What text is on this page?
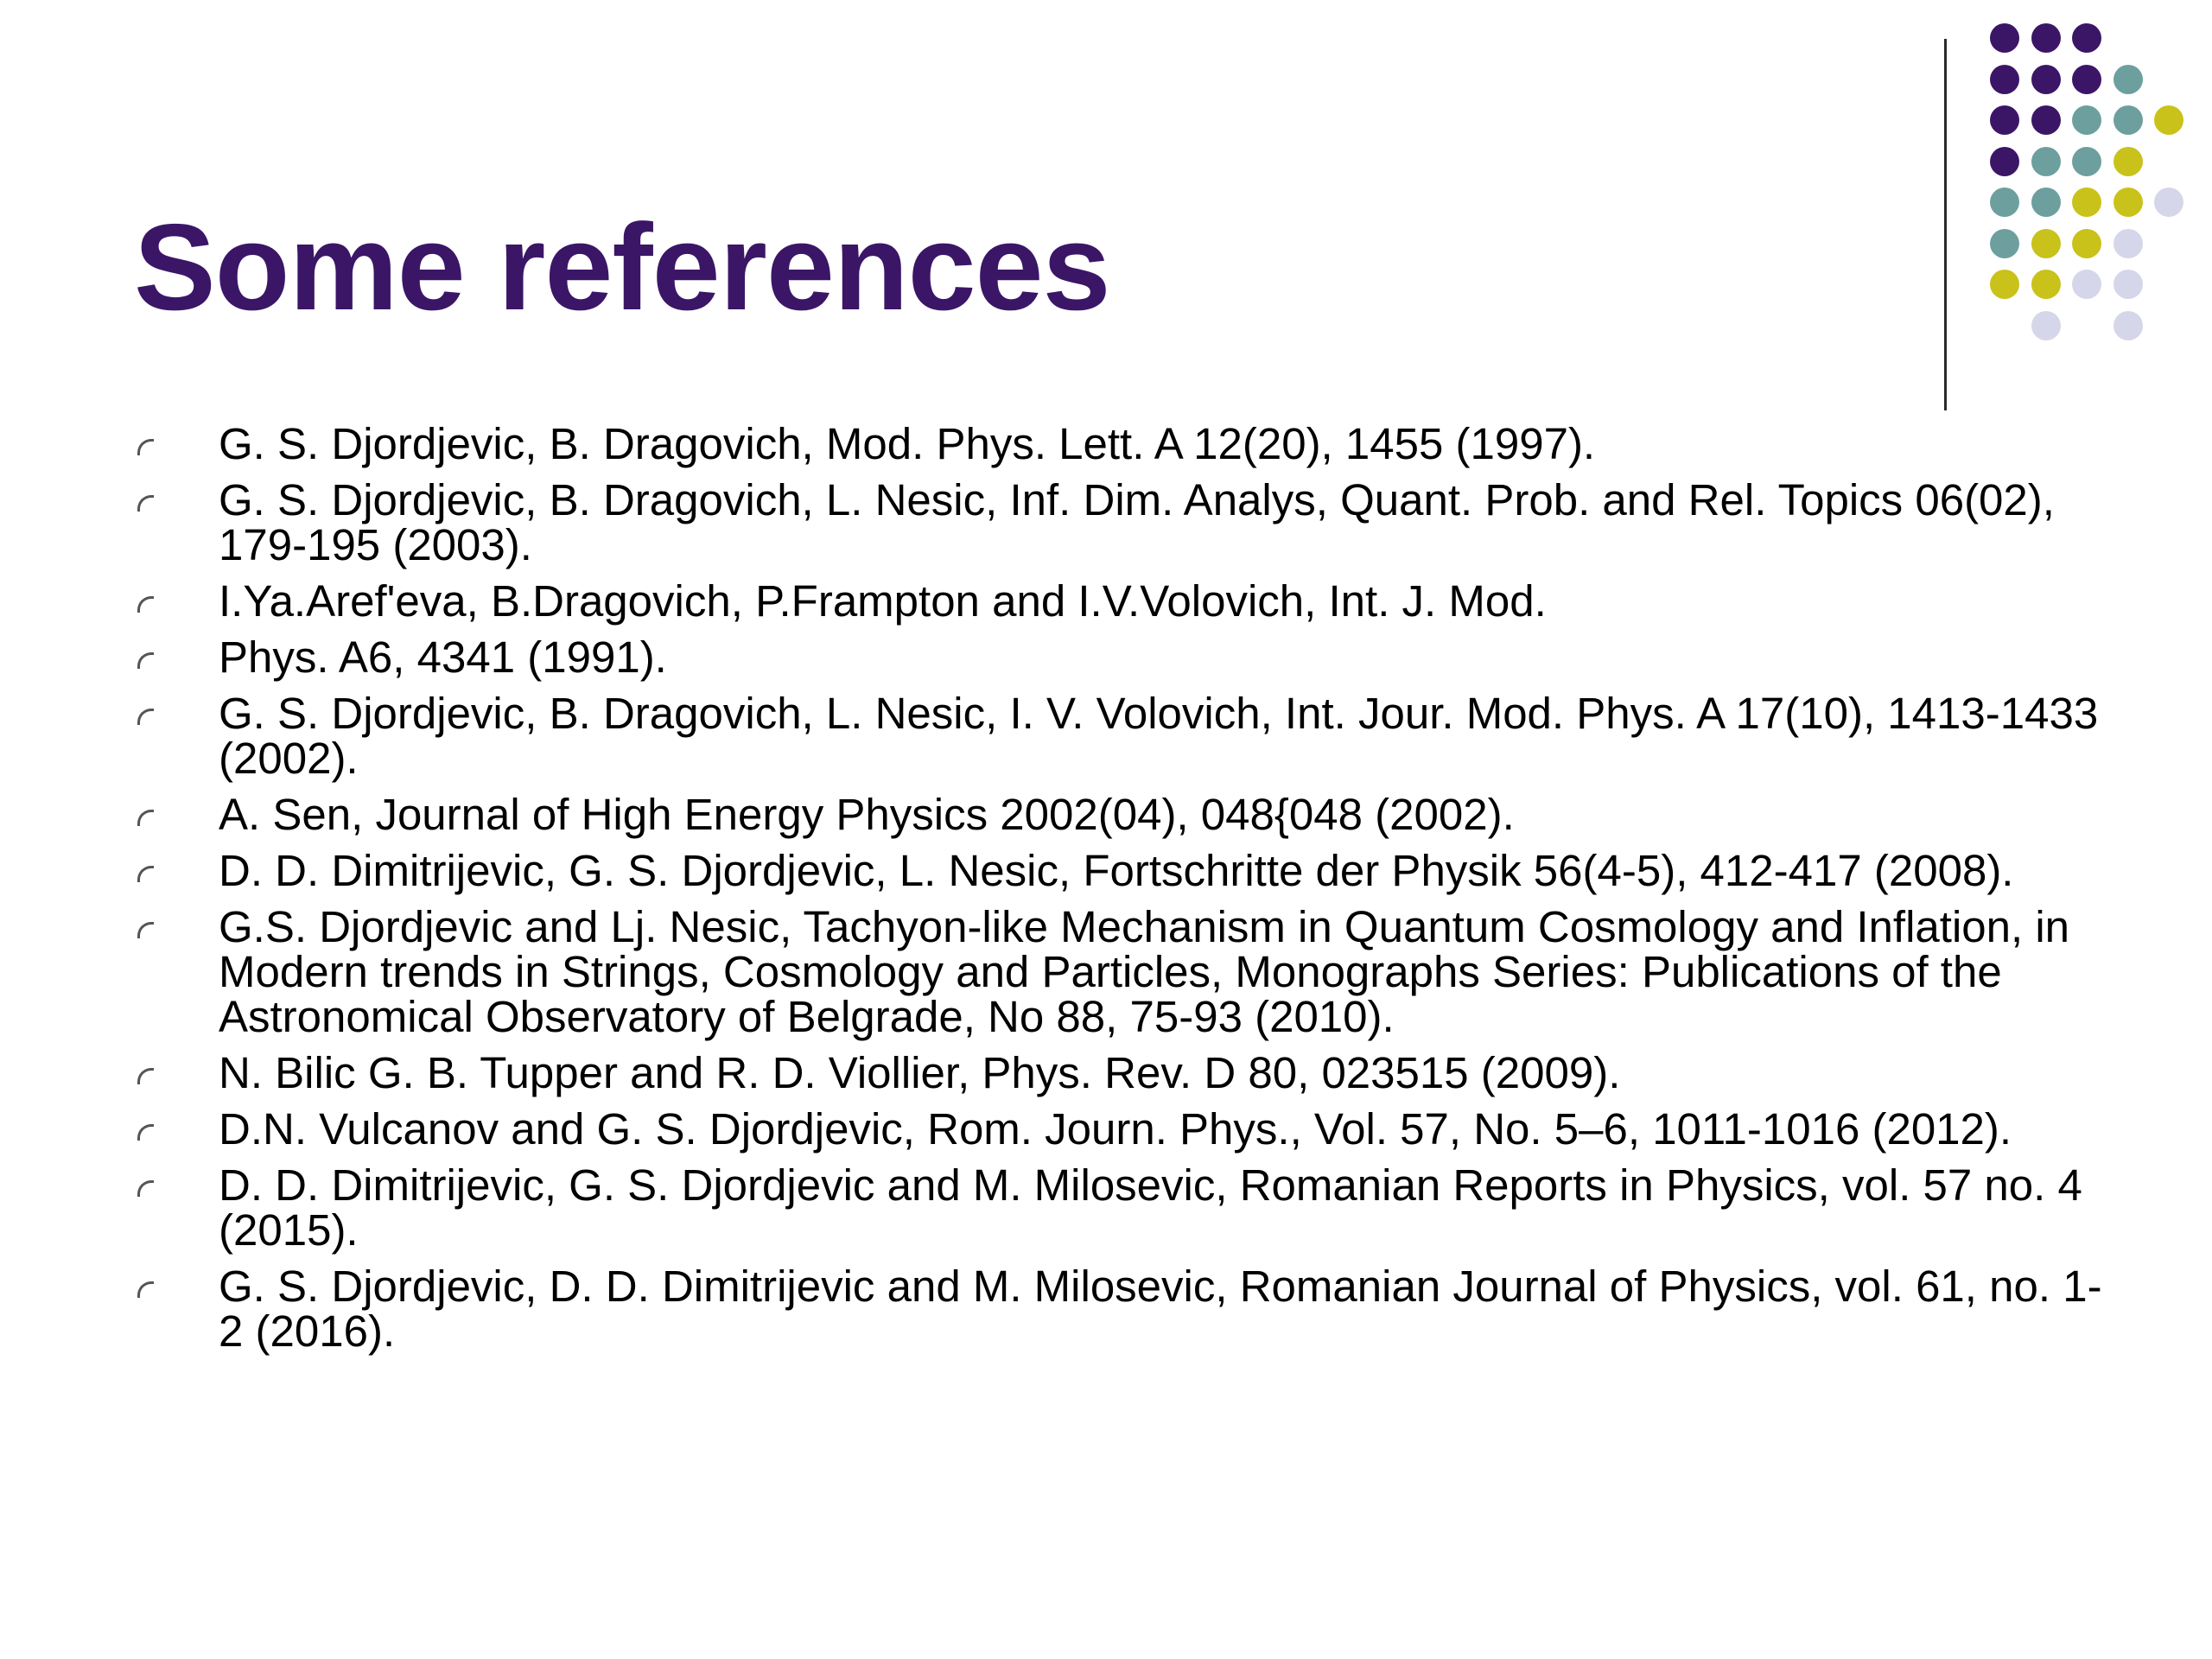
Some references
G. S. Djordjevic, B. Dragovich, Mod. Phys. Lett. A 12(20), 1455 (1997).
G. S. Djordjevic, B. Dragovich, L. Nesic, Inf. Dim. Analys, Quant. Prob. and Rel. Topics 06(02), 179-195 (2003).
I.Ya.Aref'eva, B.Dragovich, P.Frampton and I.V.Volovich, Int. J. Mod.
Phys. A6, 4341 (1991).
G. S. Djordjevic, B. Dragovich, L. Nesic, I. V. Volovich, Int. Jour. Mod. Phys. A 17(10), 1413-1433 (2002).
A. Sen, Journal of High Energy Physics 2002(04), 048{048 (2002).
D. D. Dimitrijevic, G. S. Djordjevic, L. Nesic, Fortschritte der Physik 56(4-5), 412-417 (2008).
G.S. Djordjevic and Lj. Nesic, Tachyon-like Mechanism in Quantum Cosmology and Inflation, in Modern trends in Strings, Cosmology and Particles, Monographs Series: Publications of the Astronomical Observatory of Belgrade, No 88, 75-93 (2010).
N. Bilic G. B. Tupper and R. D. Viollier, Phys. Rev. D 80, 023515 (2009).
D.N. Vulcanov and G. S. Djordjevic, Rom. Journ. Phys., Vol. 57, No. 5–6, 1011-1016 (2012).
D. D. Dimitrijevic, G. S. Djordjevic and M. Milosevic, Romanian Reports in Physics, vol. 57 no. 4 (2015).
G. S. Djordjevic, D. D. Dimitrijevic and M. Milosevic, Romanian Journal of Physics, vol. 61, no. 1-2 (2016).
